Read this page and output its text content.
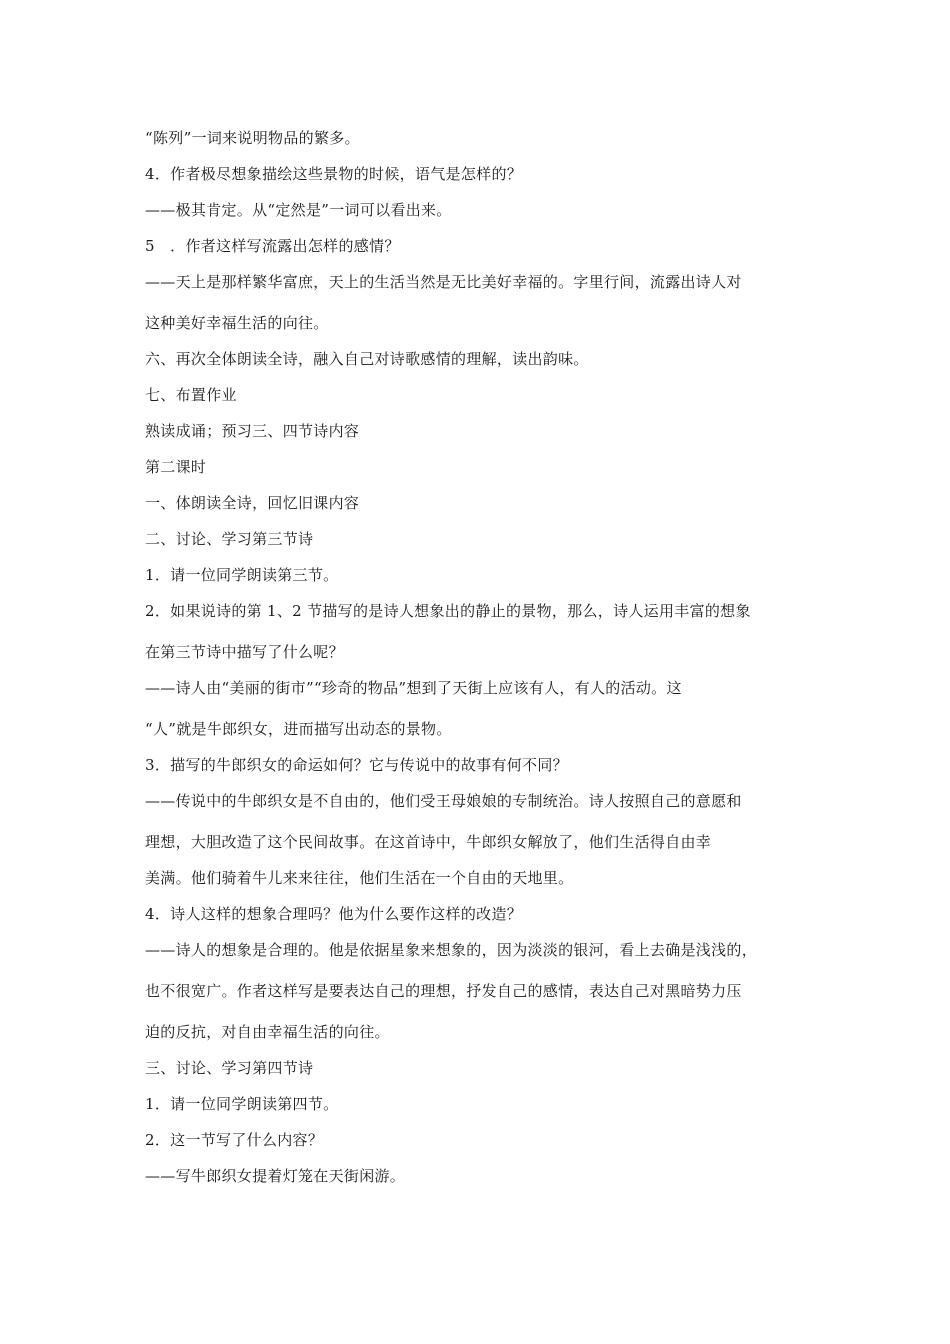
“陈列”一词来说明物品的繁多。
4．作者极尽想象描绘这些景物的时候，语气是怎样的？
——极其肯定。从“定然是”一词可以看出来。
5　．作者这样写流露出怎样的感情？
——天上是那样繁华富庶，天上的生活当然是无比美好幸福的。字里行间，流露出诗人对
这种美好幸福生活的向往。
六、再次全体朗读全诗，融入自己对诗歌感情的理解，读出韵味。
七、布置作业
熟读成诵；预习三、四节诗内容
第二课时
一、体朗读全诗，回忆旧课内容
二、讨论、学习第三节诗
1．请一位同学朗读第三节。
2．如果说诗的第 1、2 节描写的是诗人想象出的静止的景物，那么，诗人运用丰富的想象
在第三节诗中描写了什么呢？
——诗人由“美丽的街市”“珍奇的物品”想到了天街上应该有人，有人的活动。这
“人”就是牛郎织女，进而描写出动态的景物。
3．描写的牛郎织女的命运如何？它与传说中的故事有何不同？
——传说中的牛郎织女是不自由的，他们受王母娘娘的专制统治。诗人按照自己的意愿和
理想，大胆改造了这个民间故事。在这首诗中，牛郎织女解放了，他们生活得自由幸
美满。他们骑着牛儿来来往往，他们生活在一个自由的天地里。
4．诗人这样的想象合理吗？他为什么要作这样的改造？
——诗人的想象是合理的。他是依据星象来想象的，因为淡淡的银河，看上去确是浅浅的，
也不很宽广。作者这样写是要表达自己的理想，抒发自己的感情，表达自己对黑暗势力压
迫的反抗，对自由幸福生活的向往。
三、讨论、学习第四节诗
1．请一位同学朗读第四节。
2．这一节写了什么内容？
——写牛郎织女提着灯笼在天街闲游。
